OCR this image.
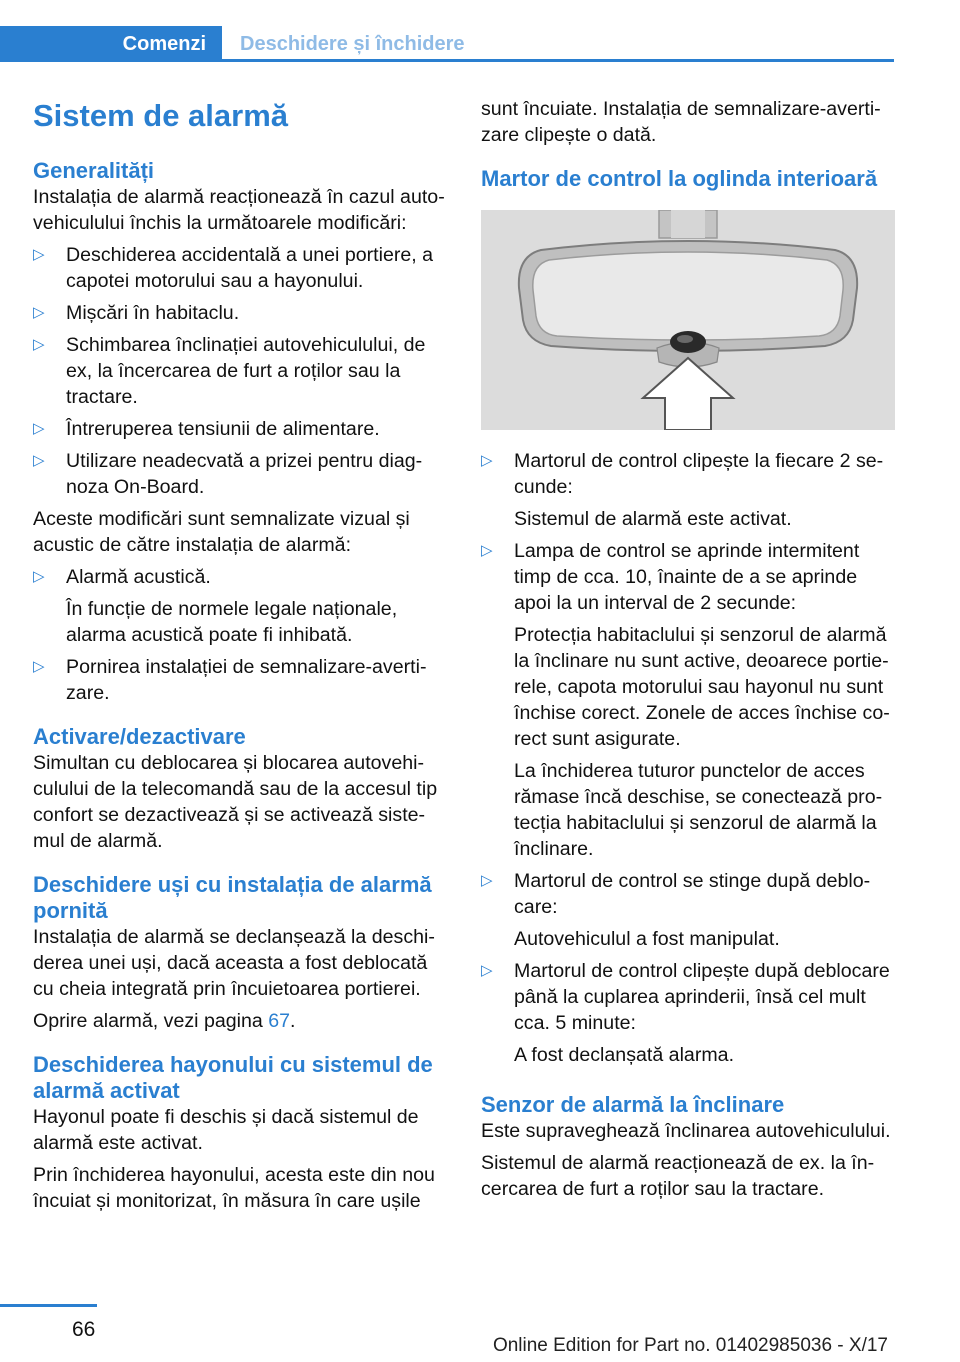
Comenzi	Deschidere și închidere
Sistem de alarmă
Generalități

Instalația de alarmă reacționează în cazul autovehiculului închis la următoarele modificări:

▷ Deschiderea accidentală a unei portiere, a capotei motorului sau a hayonului.
▷ Mișcări în habitaclu.
▷ Schimbarea înclinației autovehiculului, de ex, la încercarea de furt a roților sau la tractare.
▷ Întreruperea tensiunii de alimentare.
▷ Utilizare neadecvată a prizei pentru diagnoza On-Board.

Aceste modificări sunt semnalizate vizual și acustic de către instalația de alarmă:

▷ Alarmă acustică.

În funcție de normele legale naționale, alarma acustică poate fi inhibată.

▷ Pornirea instalației de semnalizare-avertizare.
Activare/dezactivare

Simultan cu deblocarea și blocarea autovehiculului de la telecomandă sau de la accesul tip confort se dezactivează și se activează sistemul de alarmă.

Deschidere uși cu instalația de alarmă pornită

Instalația de alarmă se declanșează la deschiderea unei uși, dacă aceasta a fost deblocată cu cheia integrată prin încuietoarea portierei.

Oprire alarmă, vezi pagina 67.

Deschiderea hayonului cu sistemul de alarmă activat

Hayonul poate fi deschis și dacă sistemul de alarmă este activat.

Prin închiderea hayonului, acesta este din nou încuiat și monitorizat, în măsura în care ușile

sunt încuiate. Instalația de semnalizare-avertizare clipește o dată.

Martor de control la oglinda interioară
▷ Martorul de control clipește la fiecare 2 secunde:

Sistemul de alarmă este activat.

▷ Lampa de control se aprinde intermitent timp de cca. 10, înainte de a se aprinde apoi la un interval de 2 secunde:

Protecția habitaclului și senzorul de alarmă la înclinare nu sunt active, deoarece portierele, capota motorului sau hayonul nu sunt închise corect. Zonele de acces închise corect sunt asigurate.

La închiderea tuturor punctelor de acces rămase încă deschise, se conectează protecția habitaclului și senzorul de alarmă la înclinare.

▷ Martorul de control se stinge după deblocare:

Autovehiculul a fost manipulat.

▷ Martorul de control clipește după deblocare până la cuplarea aprinderii, însă cel mult cca. 5 minute:

A fost declanșată alarma.

Senzor de alarmă la înclinare

Este supraveghează înclinarea autovehiculului.

Sistemul de alarmă reacționează de ex. la încercarea de furt a roților sau la tractare.

66
Online Edition for Part no. 01402985036 - X/17
